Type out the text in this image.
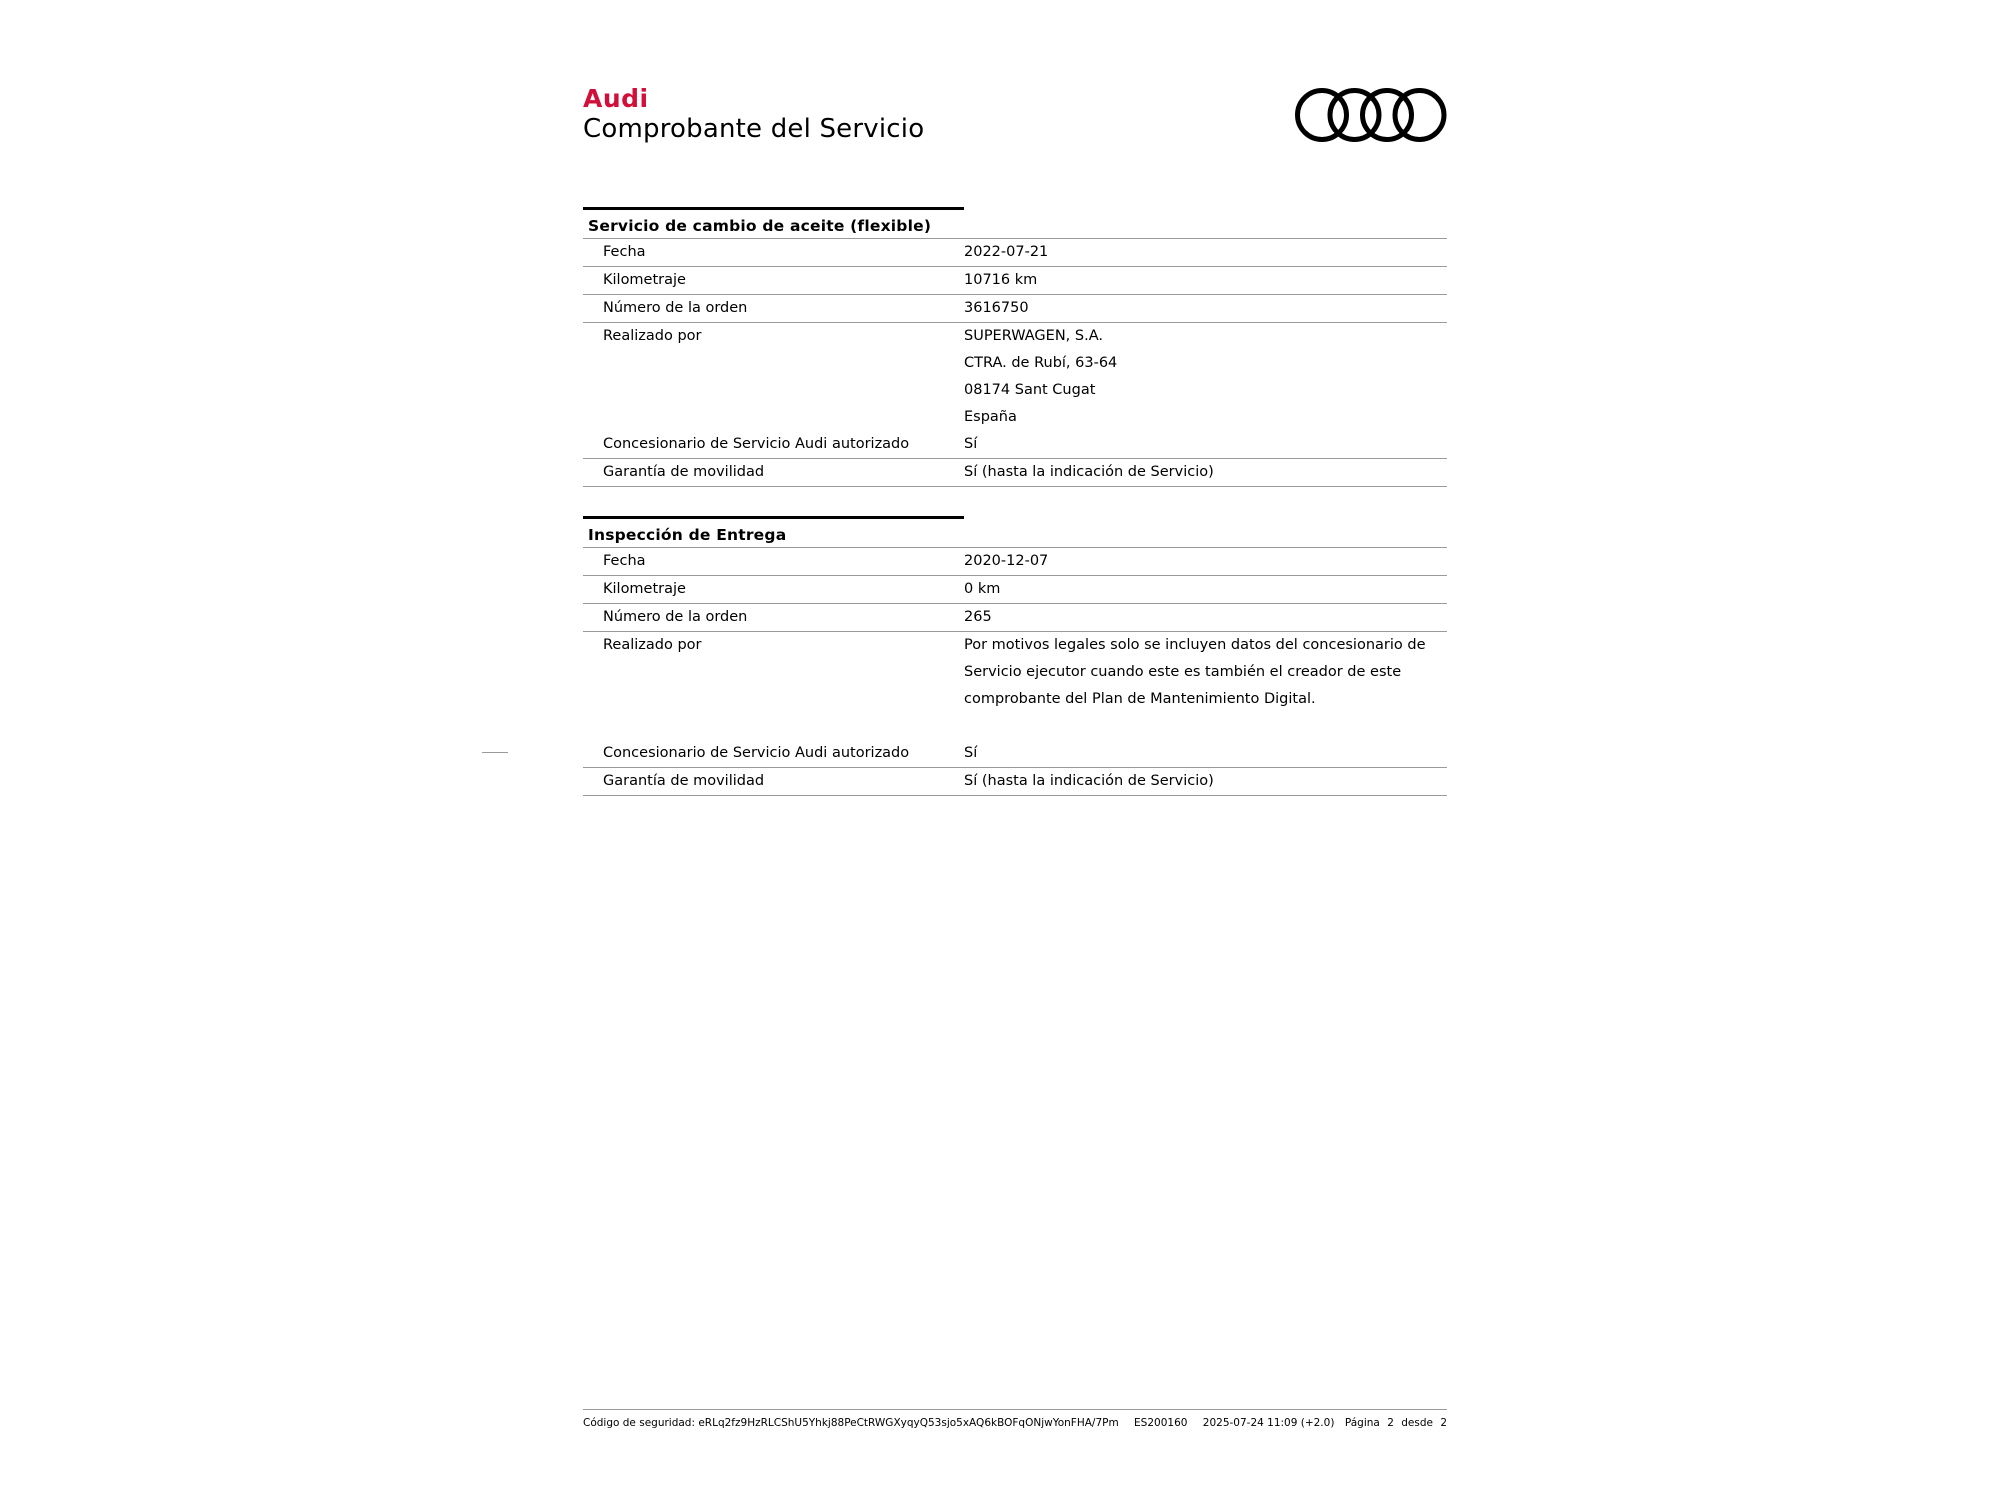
Audi
Comprobante del Servicio
Servicio de cambio de aceite (flexible)
Fecha	2022-07-21
Kilometraje	10716 km
Número de la orden	3616750
Realizado por	SUPERWAGEN, S.A.
CTRA. de Rubí, 63-64
08174 Sant Cugat
España
Concesionario de Servicio Audi autorizado	Sí
Garantía de movilidad	Sí (hasta la indicación de Servicio)
Inspección de Entrega
Fecha	2020-12-07
Kilometraje	0 km
Número de la orden	265
Realizado por	Por motivos legales solo se incluyen datos del concesionario de
Servicio ejecutor cuando este es también el creador de este
comprobante del Plan de Mantenimiento Digital.
Concesionario de Servicio Audi autorizado	Sí
Garantía de movilidad	Sí (hasta la indicación de Servicio)
Código de seguridad: eRLq2fz9HzRLCShU5Yhkj88PeCtRWGXyqyQ53sjo5xAQ6kBOFqONjwYonFHA/7Pm ES200160 2025-07-24 11:09 (+2.0) Página 2 desde 2
